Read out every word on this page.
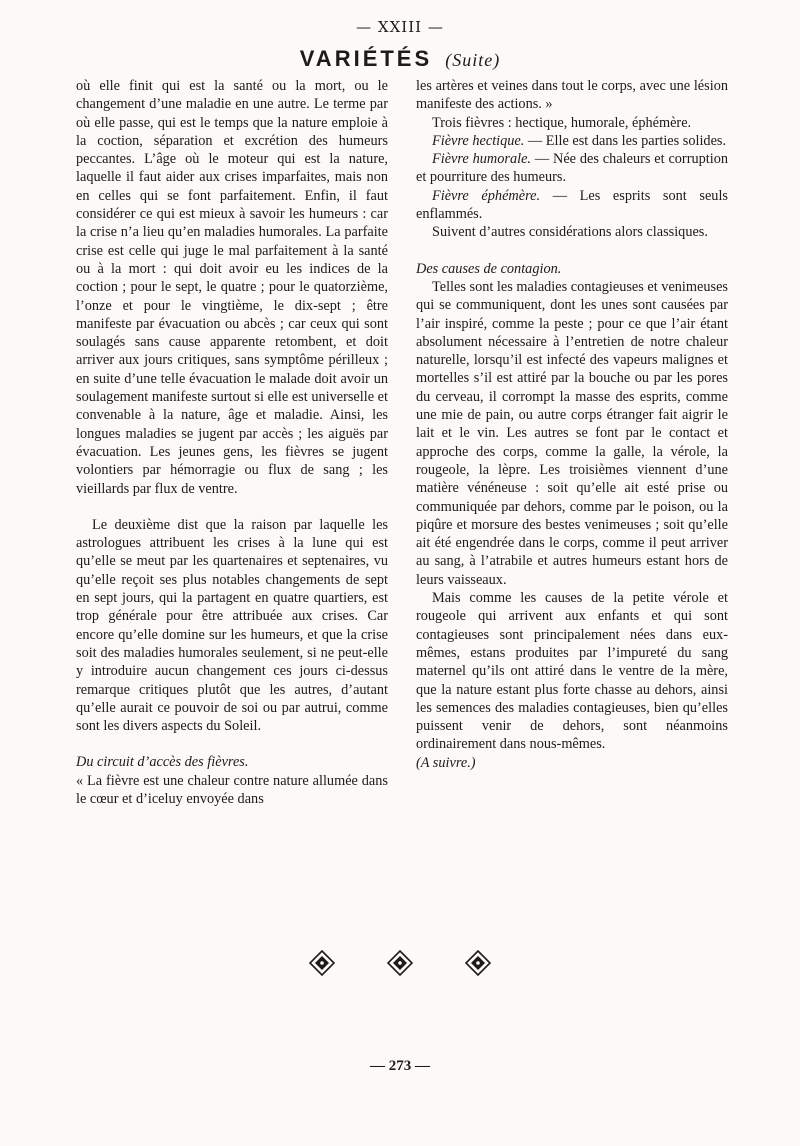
— XXIII —
VARIÉTÉS (Suite)

où elle finit qui est la santé ou la mort, ou le changement d’une maladie en une autre. Le terme par où elle passe, qui est le temps que la nature emploie à la coction, séparation et excrétion des humeurs peccantes. L’âge où le moteur qui est la nature, laquelle il faut aider aux crises imparfaites, mais non en celles qui se font parfaitement. Enfin, il faut considérer ce qui est mieux à savoir les humeurs : car la crise n’a lieu qu’en maladies humorales. La parfaite crise est celle qui juge le mal parfaitement à la santé ou à la mort : qui doit avoir eu les indices de la coction ; pour le sept, le quatre ; pour le quatorzième, l’onze et pour le vingtième, le dix-sept ; être manifeste par évacuation ou abcès ; car ceux qui sont soulagés sans cause apparente retombent, et doit arriver aux jours critiques, sans symptôme périlleux ; en suite d’une telle évacuation le malade doit avoir un soulagement manifeste surtout si elle est universelle et convenable à la nature, âge et maladie. Ainsi, les longues maladies se jugent par accès ; les aiguës par évacuation. Les jeunes gens, les fièvres se jugent volontiers par hémorragie ou flux de sang ; les vieillards par flux de ventre.

Le deuxième dist que la raison par laquelle les astrologues attribuent les crises à la lune qui est qu’elle se meut par les quartenaires et septenaires, vu qu’elle reçoit ses plus notables changements de sept en sept jours, qui la partagent en quatre quartiers, est trop générale pour être attribuée aux crises. Car encore qu’elle domine sur les humeurs, et que la crise soit des maladies humorales seulement, si ne peut-elle y introduire aucun changement ces jours ci-dessus remarque critiques plutôt que les autres, d’autant qu’elle aurait ce pouvoir de soi ou par autrui, comme sont les divers aspects du Soleil.

Du circuit d’accès des fièvres.

« La fièvre est une chaleur contre nature allumée dans le cœur et d’iceluy envoyée dans

les artères et veines dans tout le corps, avec une lésion manifeste des actions. »

Trois fièvres : hectique, humorale, éphémère.

Fièvre hectique. — Elle est dans les parties solides.

Fièvre humorale. — Née des chaleurs et corruption et pourriture des humeurs.

Fièvre éphémère. — Les esprits sont seuls enflammés.

Suivent d’autres considérations alors classiques.

Des causes de contagion.

Telles sont les maladies contagieuses et venimeuses qui se communiquent, dont les unes sont causées par l’air inspiré, comme la peste ; pour ce que l’air étant absolument nécessaire à l’entretien de notre chaleur naturelle, lorsqu’il est infecté des vapeurs malignes et mortelles s’il est attiré par la bouche ou par les pores du cerveau, il corrompt la masse des esprits, comme une mie de pain, ou autre corps étranger fait aigrir le lait et le vin. Les autres se font par le contact et approche des corps, comme la galle, la vérole, la rougeole, la lèpre. Les troisièmes viennent d’une matière vénéneuse : soit qu’elle ait esté prise ou communiquée par dehors, comme par le poison, ou la piqûre et morsure des bestes venimeuses ; soit qu’elle ait été engendrée dans le corps, comme il peut arriver au sang, à l’atrabile et autres humeurs estant hors de leurs vaisseaux.

Mais comme les causes de la petite vérole et rougeole qui arrivent aux enfants et qui sont contagieuses sont principalement nées dans eux-mêmes, estans produites par l’impureté du sang maternel qu’ils ont attiré dans le ventre de la mère, que la nature estant plus forte chasse au dehors, ainsi les semences des maladies contagieuses, bien qu’elles puissent venir de dehors, sont néanmoins ordinairement dans nous-mêmes.

(A suivre.)

— 273 —
